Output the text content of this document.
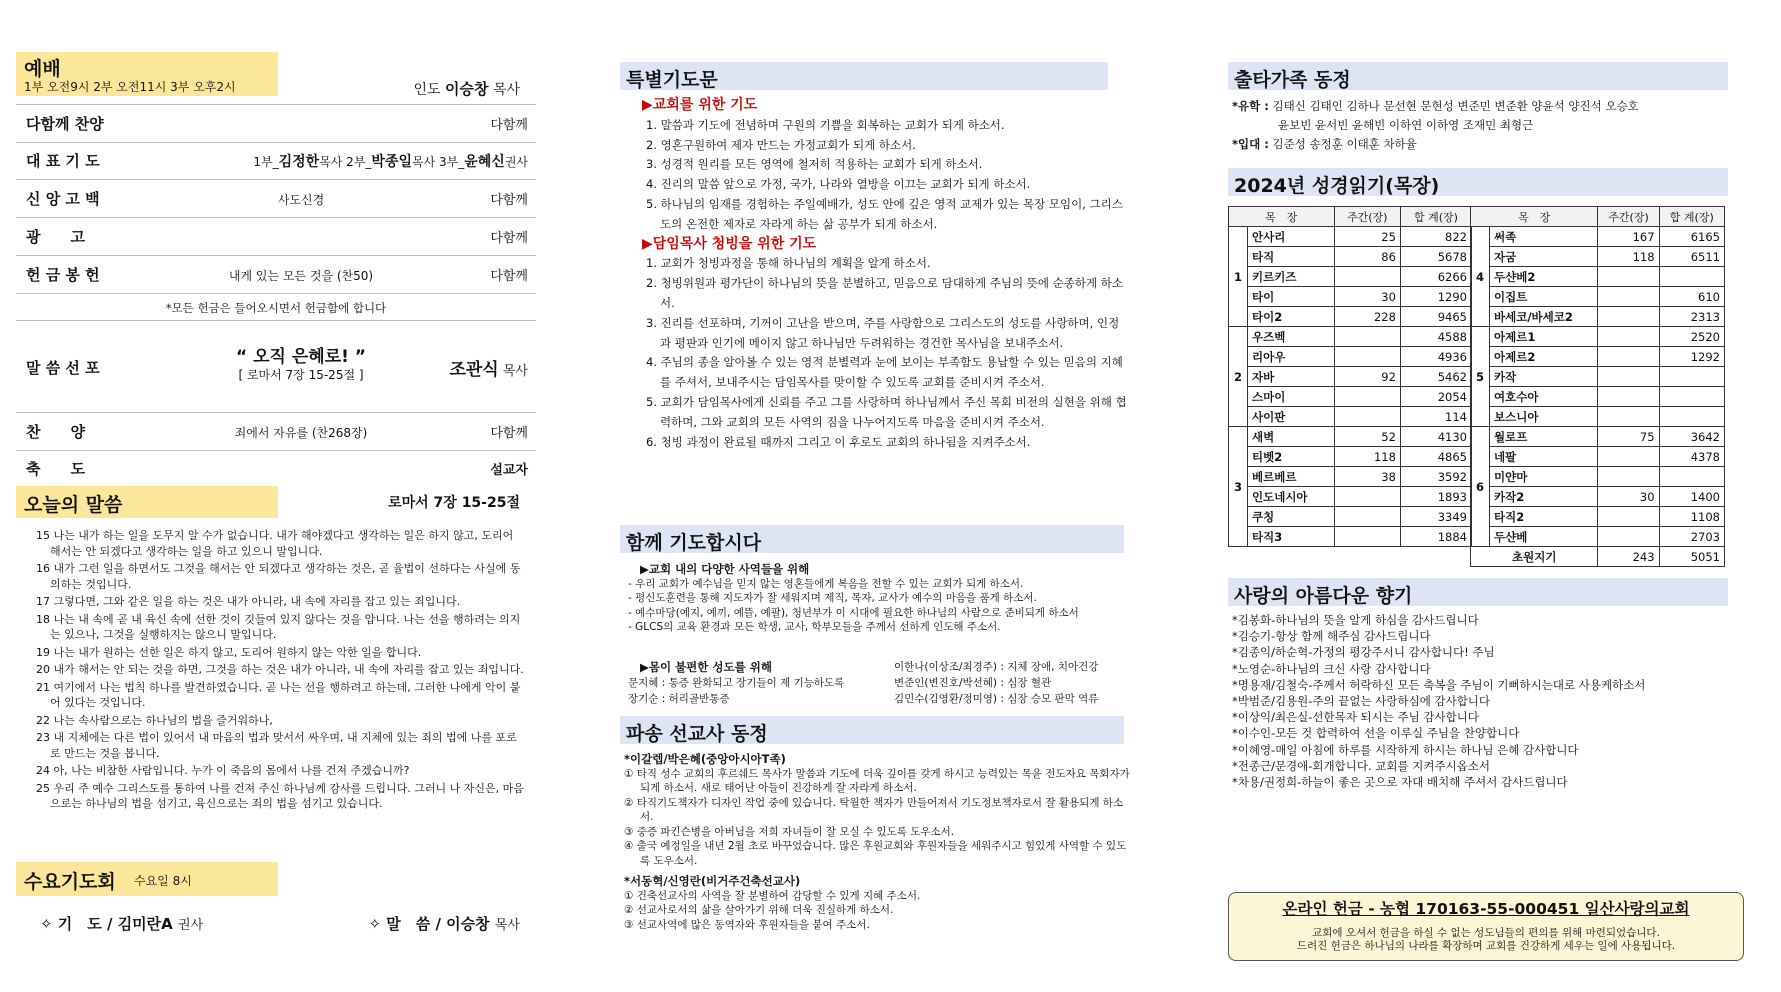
예배
1부 오전9시 2부 오전11시 3부 오후2시	인도 이승창 목사
다함께 찬양	다함께
대 표 기 도	1부_김정한목사 2부_박종일목사 3부_윤혜신권사
신 앙 고 백	사도신경	다함께
광　　고	다함께
헌 금 봉 헌	내게 있는 모든 것을 (찬50)	다함께
*모든 헌금은 들어오시면서 헌금함에 합니다
말 씀 선 포
“ 오직 은혜로! ”
[ 로마서 7장 15-25절 ]	조관식 목사
찬　　양	죄에서 자유를 (찬268장)	다함께
축　　도	설교자
오늘의 말씀	로마서 7장 15-25절
15 나는 내가 하는 일을 도무지 알 수가 없습니다. 내가 해야겠다고 생각하는 일은 하지 않고, 도리어 해서는 안 되겠다고 생각하는 일을 하고 있으니 말입니다.
16 내가 그런 일을 하면서도 그것을 해서는 안 되겠다고 생각하는 것은, 곧 율법이 선하다는 사실에 동의하는 것입니다.
17 그렇다면, 그와 같은 일을 하는 것은 내가 아니라, 내 속에 자리를 잡고 있는 죄입니다.
18 나는 내 속에 곧 내 육신 속에 선한 것이 깃들여 있지 않다는 것을 압니다. 나는 선을 행하려는 의지는 있으나, 그것을 실행하지는 않으니 말입니다.
19 나는 내가 원하는 선한 일은 하지 않고, 도리어 원하지 않는 악한 일을 합니다.
20 내가 해서는 안 되는 것을 하면, 그것을 하는 것은 내가 아니라, 내 속에 자리를 잡고 있는 죄입니다.
21 여기에서 나는 법칙 하나를 발견하였습니다. 곧 나는 선을 행하려고 하는데, 그러한 나에게 악이 붙어 있다는 것입니다.
22 나는 속사람으로는 하나님의 법을 즐거워하나,
23 내 지체에는 다른 법이 있어서 내 마음의 법과 맞서서 싸우며, 내 지체에 있는 죄의 법에 나를 포로로 만드는 것을 봅니다.
24 아, 나는 비참한 사람입니다. 누가 이 죽음의 몸에서 나를 건져 주겠습니까?
25 우리 주 예수 그리스도를 통하여 나를 건져 주신 하나님께 감사를 드립니다. 그러니 나 자신은, 마음으로는 하나님의 법을 섬기고, 육신으로는 죄의 법을 섬기고 있습니다.
수요기도회 수요일 8시
✧ 기　도 / 김미란A 권사	✧ 말　씀 / 이승창 목사
특별기도문
▶교회를 위한 기도
1. 말씀과 기도에 전념하며 구원의 기쁨을 회복하는 교회가 되게 하소서.
2. 영혼구원하여 제자 만드는 가정교회가 되게 하소서.
3. 성경적 원리를 모든 영역에 철저히 적용하는 교회가 되게 하소서.
4. 진리의 말씀 앞으로 가정, 국가, 나라와 열방을 이끄는 교회가 되게 하소서.
5. 하나님의 임재를 경험하는 주일예배가, 성도 안에 깊은 영적 교제가 있는 목장 모임이, 그리스도의 온전한 제자로 자라게 하는 삶 공부가 되게 하소서.
▶담임목사 청빙을 위한 기도
1. 교회가 청빙과정을 통해 하나님의 계획을 알게 하소서.
2. 청빙위원과 평가단이 하나님의 뜻을 분별하고, 믿음으로 담대하게 주님의 뜻에 순종하게 하소서.
3. 진리를 선포하며, 기꺼이 고난을 받으며, 주를 사랑함으로 그리스도의 성도를 사랑하며, 인정과 평판과 인기에 메이지 않고 하나님만 두려워하는 경건한 목사님을 보내주소서.
4. 주님의 종을 알아볼 수 있는 영적 분별력과 눈에 보이는 부족함도 용납할 수 있는 믿음의 지혜를 주셔서, 보내주시는 담임목사를 맞이할 수 있도록 교회를 준비시켜 주소서.
5. 교회가 담임목사에게 신뢰를 주고 그를 사랑하며 하나님께서 주신 목회 비전의 실현을 위해 협력하며, 그와 교회의 모든 사역의 짐을 나누어지도록 마음을 준비시켜 주소서.
6. 청빙 과정이 완료될 때까지 그리고 이 후로도 교회의 하나됨을 지켜주소서.
함께 기도합시다
▶교회 내의 다양한 사역들을 위해
- 우리 교회가 예수님을 믿지 않는 영혼들에게 복음을 전할 수 있는 교회가 되게 하소서.
- 평신도훈련을 통해 지도자가 잘 세워지며 제직, 목자, 교사가 예수의 마음을 품게 하소서.
- 예수마당(예지, 예끼, 예뜰, 예팔), 청년부가 이 시대에 필요한 하나님의 사람으로 준비되게 하소서
- GLCS의 교육 환경과 모든 학생, 교사, 학부모들을 주께서 선하게 인도해 주소서.
▶몸이 불편한 성도를 위해	이한나(이상조/최경주) : 지체 장애, 치아건강
문지혜 : 통증 완화되고 장기들이 제 기능하도록	변준인(변진호/박선혜) : 심장 혈관
장기순 : 허리골반통증	김민수(김영환/정미영) : 심장 승모 판막 역류
파송 선교사 동정
*이갈렙/박은혜(중앙아시아T족)
① 타직 성수 교회의 후르쉐드 목사가 말씀과 기도에 더욱 깊이를 갖게 하시고 능력있는 목윤 전도자요 목회자가 되게 하소서. 새로 태어난 아들이 건강하게 잘 자라게 하소서.
② 타직기도책자가 디자인 작업 중에 있습니다. 탁월한 책자가 만들어져서 기도정보책자로서 잘 활용되게 하소서.
③ 중증 파킨슨병을 아버님을 저희 자녀들이 잘 모실 수 있도록 도우소서.
④ 출국 예정일을 내년 2월 초로 바꾸었습니다. 많은 후원교회와 후원자들을 세워주시고 힘있게 사역할 수 있도록 도우소서.
*서동혁/신영란(비거주건축선교사)
① 건축선교사의 사역을 잘 분별하여 감당할 수 있게 지혜 주소서.
② 선교사로서의 삶을 살아가기 위해 더욱 진실하게 하소서.
③ 선교사역에 많은 동역자와 후원자들을 붙여 주소서.
출타가족 동정
*유학 : 김태신 김태인 김하나 문선현 문현성 변준민 변준환 양윤석 양진석 오승호
윤보빈 윤서빈 윤해빈 이하연 이하영 조재민 최형근
*입대 : 김준성 송정훈 이태훈 차하율
2024년 성경읽기(목장)
목　장		주간(장)	합 계(장)
1	안사리	25	822
	타직	86	5678
	키르키즈		6266
	타이	30	1290
	타이2	228	9465
2	우즈벡		4588
	리아우		4936
	자바	92	5462
	스마이		2054
	사이판		114
3	새벽	52	4130
	티벳2	118	4865
	베르베르	38	3592
	인도네시아		1893
	쿠칭		3349
	타직3		1884
목　장		주간(장)	합 계(장)
4	써족	167	6165
	자굼	118	6511
	두샨베2		
	이집트		610
	바세코/바세코2		2313
5	아제르1		2520
	아제르2		1292
	카작		
	여호수아		
	보스니아		
6	월로프	75	3642
	네팔		4378
	미얀마		
	카작2	30	1400
	타직2		1108
	두샨베		2703
초원지기		243	5051
사랑의 아름다운 향기
*김봉화-하나님의 뜻을 알게 하심을 감사드립니다
*김승기-항상 함께 해주심 감사드립니다
*김종익/하순혁-가정의 평강주시니 감사합니다! 주님
*노영순-하나님의 크신 사랑 감사합니다
*명용재/김철숙-주께서 허락하신 모든 축복을 주님이 기뻐하시는대로 사용케하소서
*박범준/김용원-주의 끝없는 사랑하심에 감사합니다
*이상익/최은실-선한목자 되시는 주님 감사합니다
*이수인-모든 것 합력하여 선을 이루실 주님을 찬양합니다
*이혜영-매일 아침에 하루를 시작하게 하시는 하나님 은혜 감사합니다
*전종근/문경애-회개합니다. 교회를 지켜주시옵소서
*차용/권정희-하늘이 좋은 곳으로 자대 배치해 주셔서 감사드립니다
온라인 헌금 - 농협 170163-55-000451 일산사랑의교회
교회에 오셔서 헌금을 하실 수 없는 성도님들의 편의를 위해 마련되었습니다.
드려진 헌금은 하나님의 나라를 확장하며 교회를 건강하게 세우는 일에 사용됩니다.
